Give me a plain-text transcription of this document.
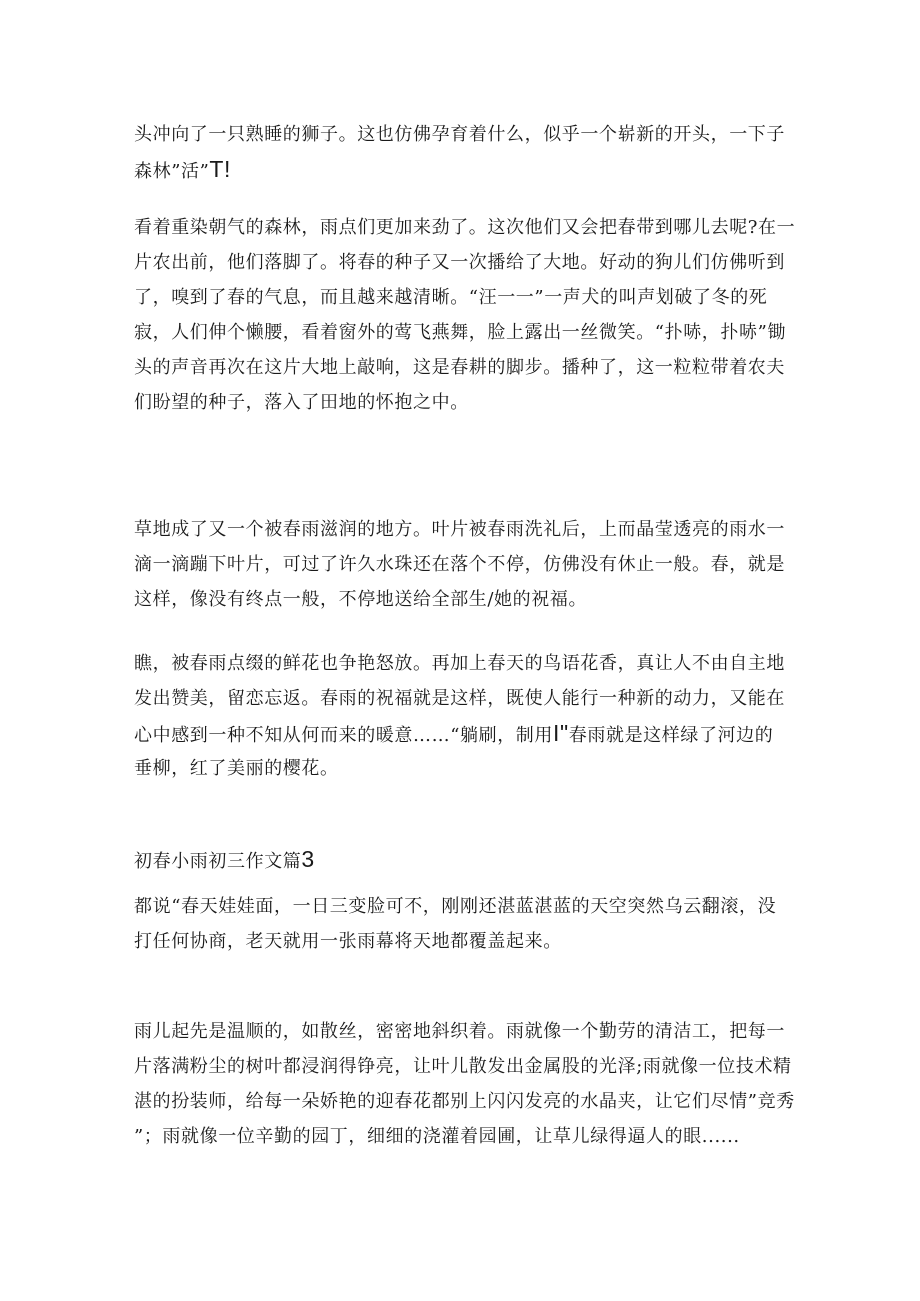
头冲向了一只熟睡的狮子。这也仿佛孕育着什么，似乎一个崭新的开头，一下子
森林”活”T!
看着重染朝气的森林，雨点们更加来劲了。这次他们又会把春带到哪儿去呢?在一
片农出前，他们落脚了。将春的种子又一次播给了大地。好动的狗儿们仿佛听到
了，嗅到了春的气息，而且越来越清晰。“汪一一”一声犬的叫声划破了冬的死
寂，人们伸个懒腰，看着窗外的莺飞燕舞，脸上露出一丝微笑。“扑哧，扑哧”锄
头的声音再次在这片大地上敲响，这是春耕的脚步。播种了，这一粒粒带着农夫
们盼望的种子，落入了田地的怀抱之中。
草地成了又一个被春雨滋润的地方。叶片被春雨洗礼后，上而晶莹透亮的雨水一
滴一滴蹦下叶片，可过了许久水珠还在落个不停，仿佛没有休止一般。春，就是
这样，像没有终点一般，不停地送给全部生/她的祝福。
瞧，被春雨点缀的鲜花也争艳怒放。再加上春天的鸟语花香，真让人不由自主地
发出赞美，留恋忘返。春雨的祝福就是这样，既使人能行一种新的动力，又能在
心中感到一种不知从何而来的暖意……“躺刷，制用I"春雨就是这样绿了河边的
垂柳，红了美丽的樱花。
初春小雨初三作文篇3
都说“春天娃娃面，一日三变脸可不，刚刚还湛蓝湛蓝的天空突然乌云翻滚，没
打任何协商，老天就用一张雨幕将天地都覆盖起来。
雨儿起先是温顺的，如散丝，密密地斜织着。雨就像一个勤劳的清洁工，把每一
片落满粉尘的树叶都浸润得铮亮，让叶儿散发出金属股的光泽;雨就像一位技术精
湛的扮装师，给每一朵娇艳的迎春花都别上闪闪发亮的水晶夹，让它们尽情”竞秀
”；雨就像一位辛勤的园丁，细细的浇灌着园圃，让草儿绿得逼人的眼......
